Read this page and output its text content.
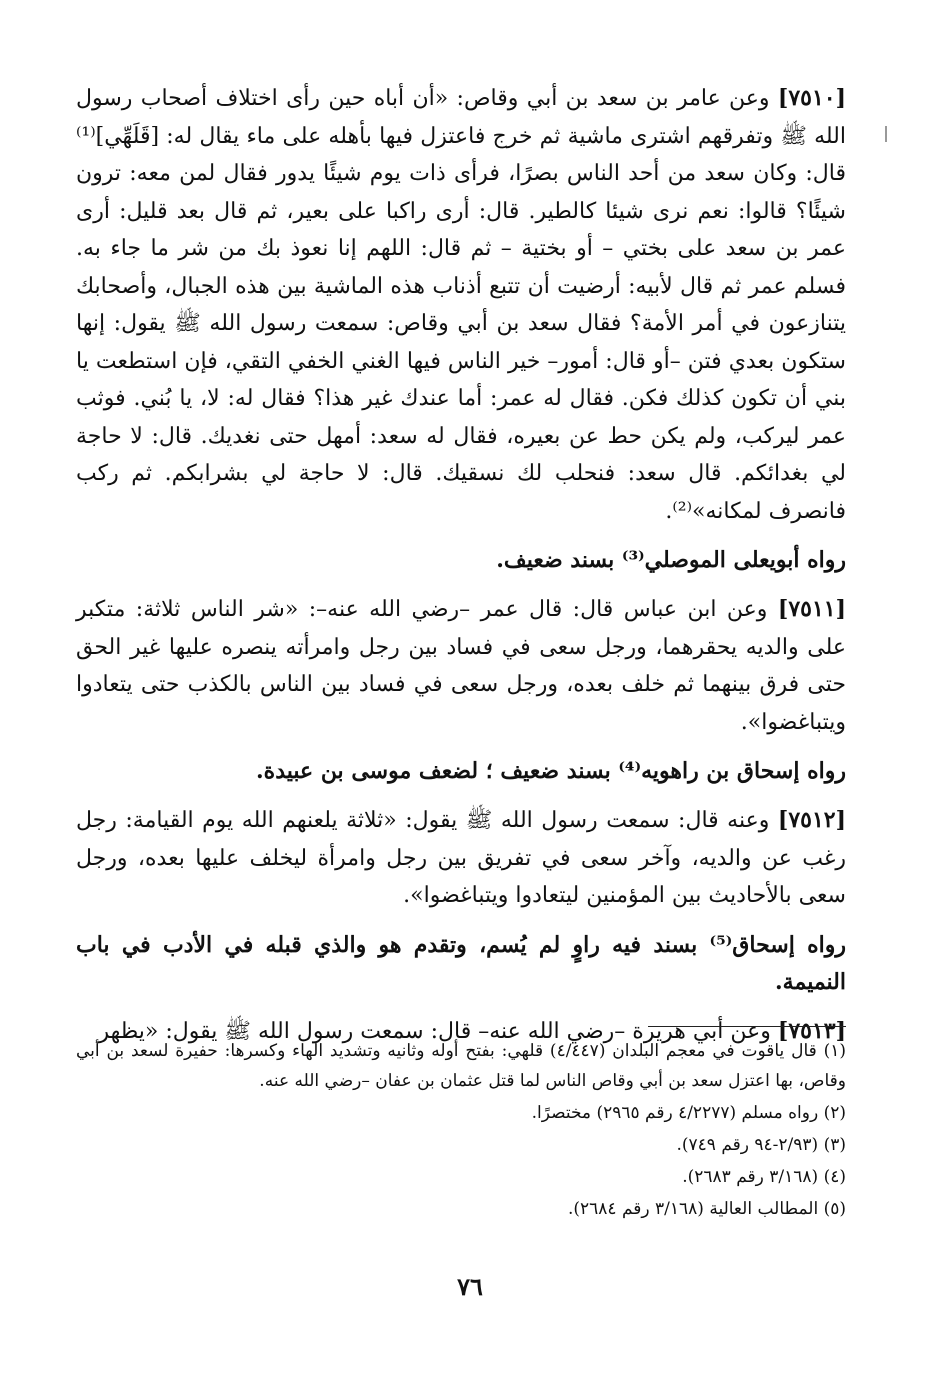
[٧٥١٠] وعن عامر بن سعد بن أبي وقاص: «أن أباه حين رأى اختلاف أصحاب رسول الله ﷺ وتفرقهم اشترى ماشية ثم خرج فاعتزل فيها بأهله على ماء يقال له: [قَلَهِّي]⁽¹⁾ قال: وكان سعد من أحد الناس بصرًا، فرأى ذات يوم شيئًا يدور فقال لمن معه: ترون شيئًا؟ قالوا: نعم نرى شيئا كالطير. قال: أرى راكبا على بعير، ثم قال بعد قليل: أرى عمر بن سعد على بختي – أو بختية – ثم قال: اللهم إنا نعوذ بك من شر ما جاء به. فسلم عمر ثم قال لأبيه: أرضيت أن تتبع أذناب هذه الماشية بين هذه الجبال، وأصحابك يتنازعون في أمر الأمة؟ فقال سعد بن أبي وقاص: سمعت رسول الله ﷺ يقول: إنها ستكون بعدي فتن –أو قال: أمور– خير الناس فيها الغني الخفي التقي، فإن استطعت يا بني أن تكون كذلك فكن. فقال له عمر: أما عندك غير هذا؟ فقال له: لا، يا بُني. فوثب عمر ليركب، ولم يكن حط عن بعيره، فقال له سعد: أمهل حتى نغديك. قال: لا حاجة لي بغدائكم. قال سعد: فنحلب لك نسقيك. قال: لا حاجة لي بشرابكم. ثم ركب فانصرف لمكانه»⁽²⁾.

رواه أبويعلى الموصلي⁽³⁾ بسند ضعيف.

[٧٥١١] وعن ابن عباس قال: قال عمر –رضي الله عنه–: «شر الناس ثلاثة: متكبر على والديه يحقرهما، ورجل سعى في فساد بين رجل وامرأته ينصره عليها غير الحق حتى فرق بينهما ثم خلف بعده، ورجل سعى في فساد بين الناس بالكذب حتى يتعادوا ويتباغضوا».

رواه إسحاق بن راهويه⁽⁴⁾ بسند ضعيف ؛ لضعف موسى بن عبيدة.

[٧٥١٢] وعنه قال: سمعت رسول الله ﷺ يقول: «ثلاثة يلعنهم الله يوم القيامة: رجل رغب عن والديه، وآخر سعى في تفريق بين رجل وامرأة ليخلف عليها بعده، ورجل سعى بالأحاديث بين المؤمنين ليتعادوا ويتباغضوا».

رواه إسحاق⁽⁵⁾ بسند فيه راوٍ لم يُسم، وتقدم هو والذي قبله في الأدب في باب النميمة.

[٧٥١٣] وعن أبي هريرة –رضي الله عنه– قال: سمعت رسول الله ﷺ يقول: «يظهر

(١) قال ياقوت في معجم البلدان (٤/٤٤٧) قلهي: بفتح أوله وثانيه وتشديد الهاء وكسرها: حفيرة لسعد بن أبي وقاص، بها اعتزل سعد بن أبي وقاص الناس لما قتل عثمان بن عفان –رضي الله عنه.

(٢) رواه مسلم (٤/٢٢٧٧ رقم ٢٩٦٥) مختصرًا.

(٣) (٢/٩٣-٩٤ رقم ٧٤٩).

(٤) (٣/١٦٨ رقم ٢٦٨٣).

(٥) المطالب العالية (٣/١٦٨ رقم ٢٦٨٤).

٧٦
